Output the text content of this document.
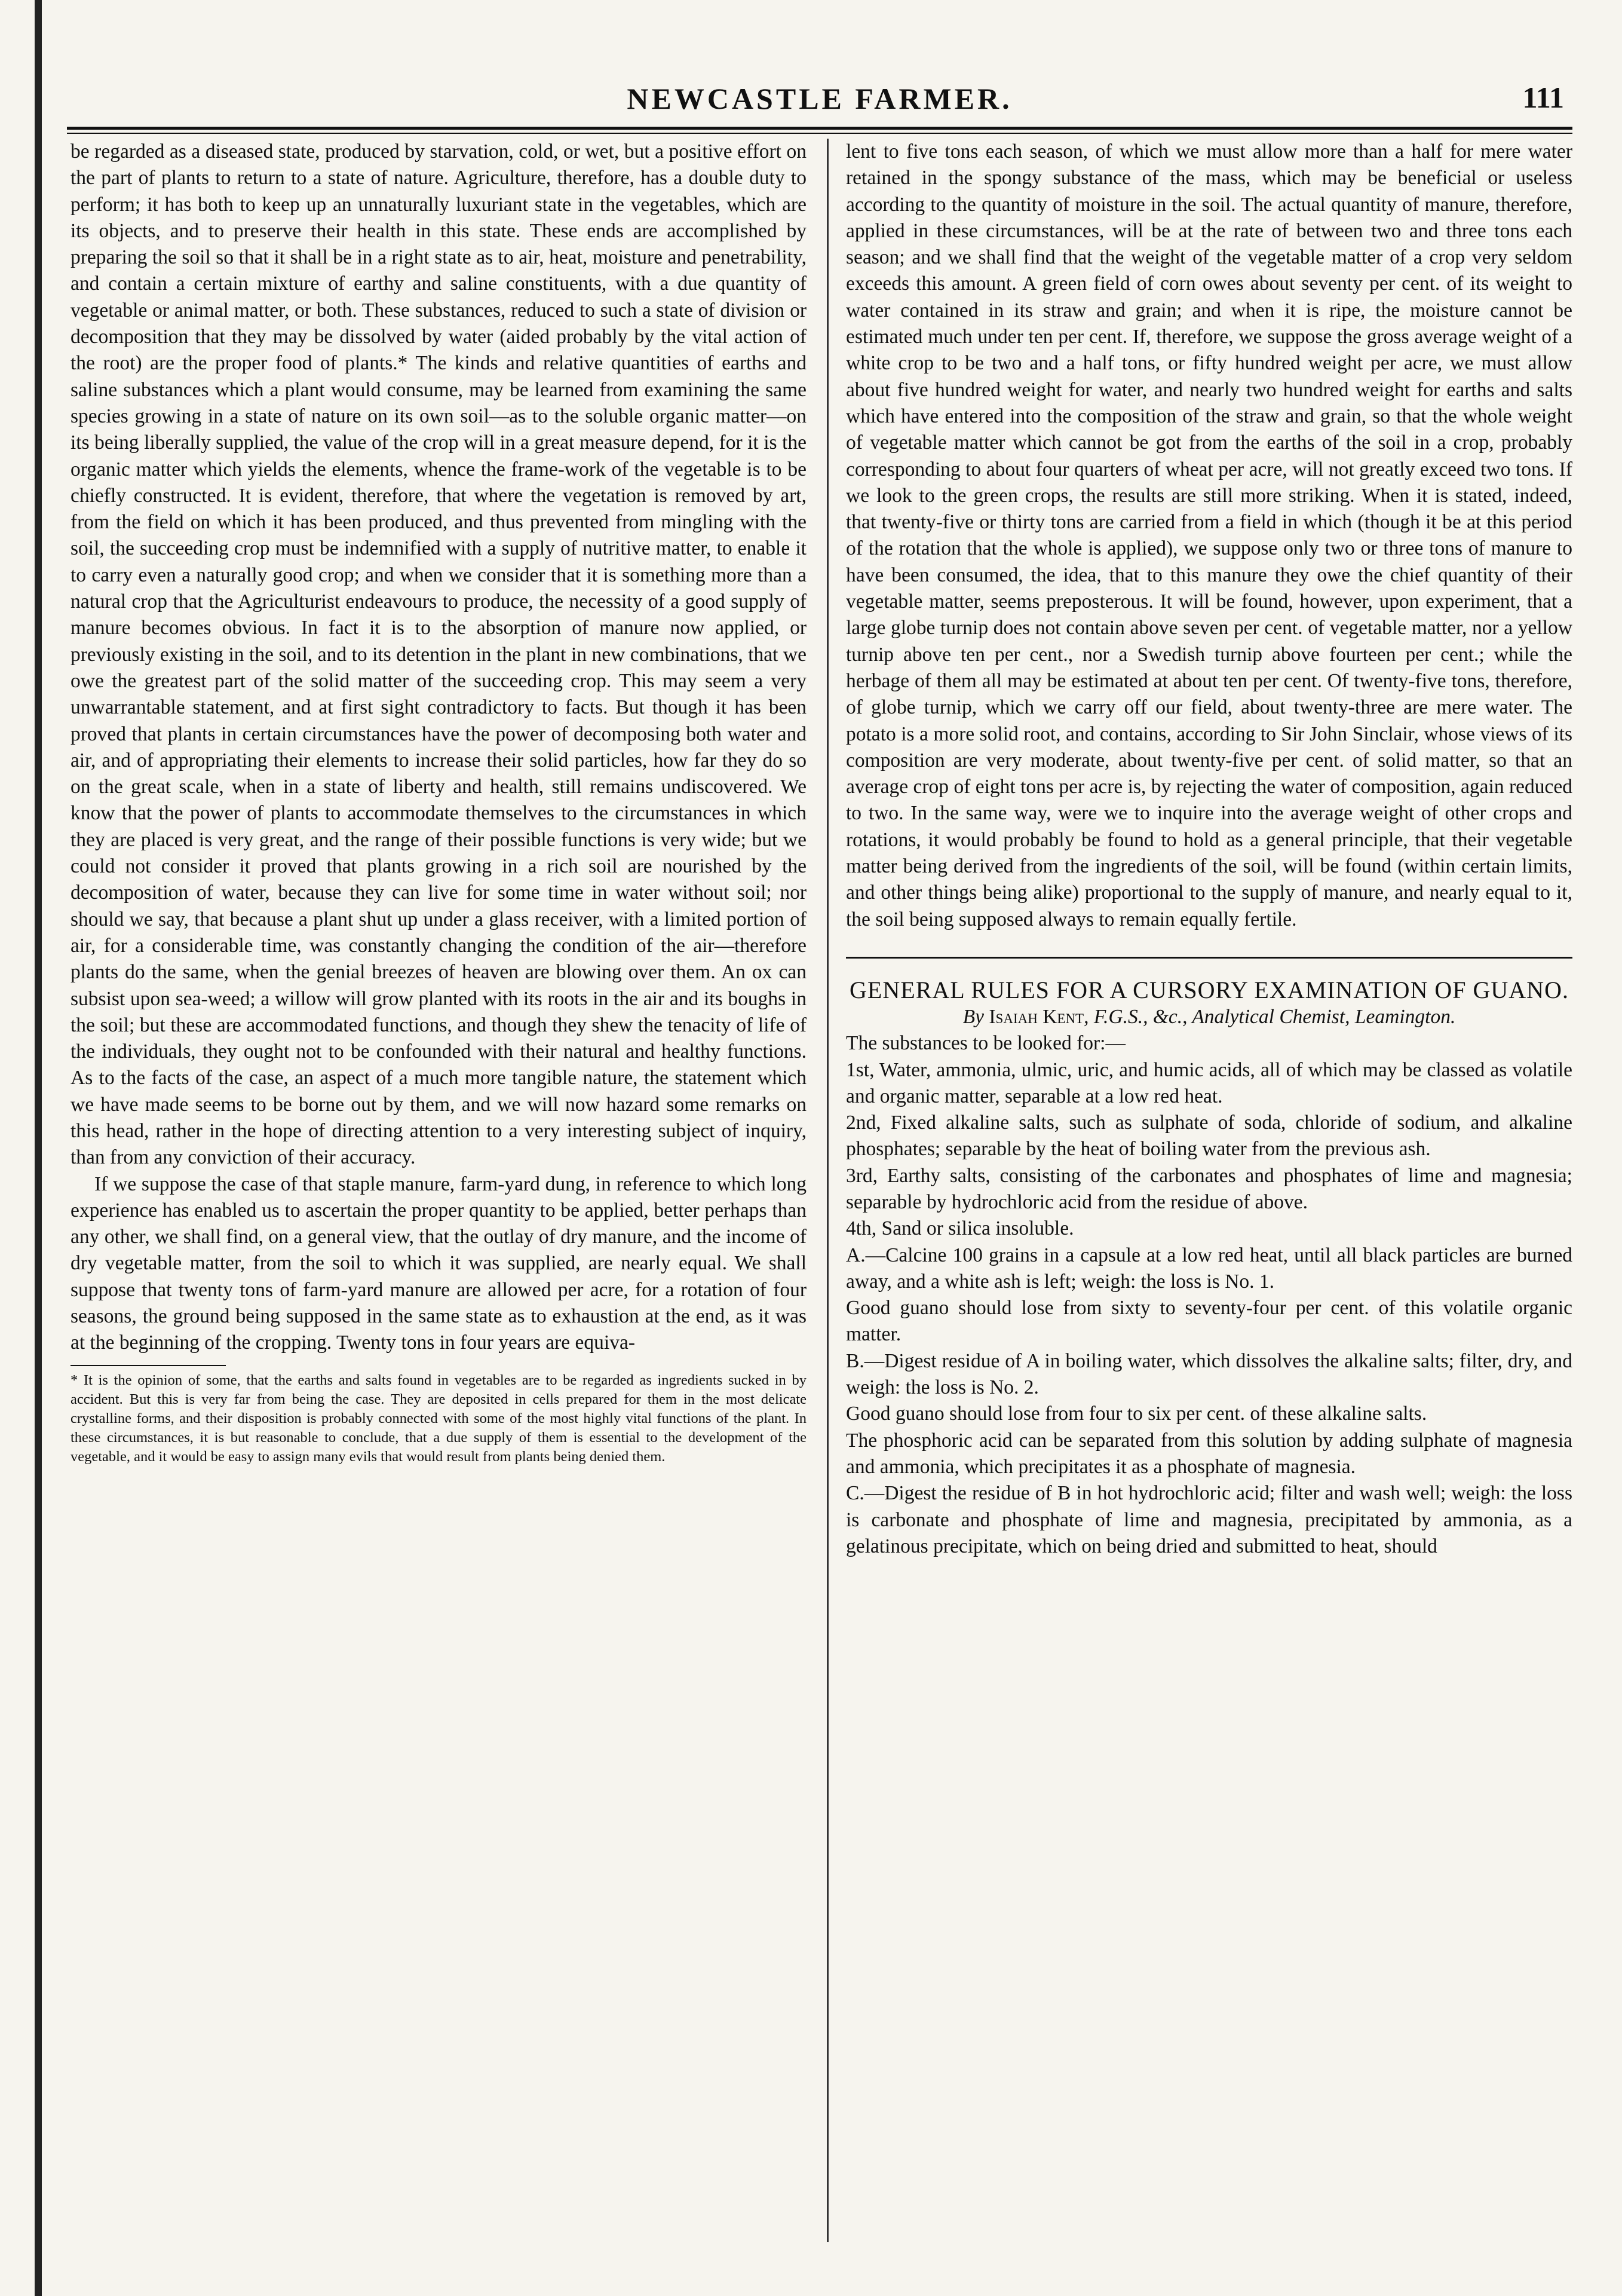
NEWCASTLE FARMER.	111

be regarded as a diseased state, produced by starvation, cold, or wet, but a positive effort on the part of plants to return to a state of nature. Agriculture, therefore, has a double duty to perform; it has both to keep up an unnaturally luxuriant state in the vegetables, which are its objects, and to preserve their health in this state. These ends are accomplished by preparing the soil so that it shall be in a right state as to air, heat, moisture and penetrability, and contain a certain mixture of earthy and saline constituents, with a due quantity of vegetable or animal matter, or both. These substances, reduced to such a state of division or decomposition that they may be dissolved by water (aided probably by the vital action of the root) are the proper food of plants.* The kinds and relative quantities of earths and saline substances which a plant would consume, may be learned from examining the same species growing in a state of nature on its own soil—as to the soluble organic matter—on its being liberally supplied, the value of the crop will in a great measure depend, for it is the organic matter which yields the elements, whence the frame-work of the vegetable is to be chiefly constructed. It is evident, therefore, that where the vegetation is removed by art, from the field on which it has been produced, and thus prevented from mingling with the soil, the succeeding crop must be indemnified with a supply of nutritive matter, to enable it to carry even a naturally good crop; and when we consider that it is something more than a natural crop that the Agriculturist endeavours to produce, the necessity of a good supply of manure becomes obvious. In fact it is to the absorption of manure now applied, or previously existing in the soil, and to its detention in the plant in new combinations, that we owe the greatest part of the solid matter of the succeeding crop. This may seem a very unwarrantable statement, and at first sight contradictory to facts. But though it has been proved that plants in certain circumstances have the power of decomposing both water and air, and of appropriating their elements to increase their solid particles, how far they do so on the great scale, when in a state of liberty and health, still remains undiscovered. We know that the power of plants to accommodate themselves to the circumstances in which they are placed is very great, and the range of their possible functions is very wide; but we could not consider it proved that plants growing in a rich soil are nourished by the decomposition of water, because they can live for some time in water without soil; nor should we say, that because a plant shut up under a glass receiver, with a limited portion of air, for a considerable time, was constantly changing the condition of the air—therefore plants do the same, when the genial breezes of heaven are blowing over them. An ox can subsist upon sea-weed; a willow will grow planted with its roots in the air and its boughs in the soil; but these are accommodated functions, and though they shew the tenacity of life of the individuals, they ought not to be confounded with their natural and healthy functions. As to the facts of the case, an aspect of a much more tangible nature, the statement which we have made seems to be borne out by them, and we will now hazard some remarks on this head, rather in the hope of directing attention to a very interesting subject of inquiry, than from any conviction of their accuracy.

If we suppose the case of that staple manure, farm-yard dung, in reference to which long experience has enabled us to ascertain the proper quantity to be applied, better perhaps than any other, we shall find, on a general view, that the outlay of dry manure, and the income of dry vegetable matter, from the soil to which it was supplied, are nearly equal. We shall suppose that twenty tons of farm-yard manure are allowed per acre, for a rotation of four seasons, the ground being supposed in the same state as to exhaustion at the end, as it was at the beginning of the cropping. Twenty tons in four years are equiva-

* It is the opinion of some, that the earths and salts found in vegetables are to be regarded as ingredients sucked in by accident. But this is very far from being the case. They are deposited in cells prepared for them in the most delicate crystalline forms, and their disposition is probably connected with some of the most highly vital functions of the plant. In these circumstances, it is but reasonable to conclude, that a due supply of them is essential to the development of the vegetable, and it would be easy to assign many evils that would result from plants being denied them.

lent to five tons each season, of which we must allow more than a half for mere water retained in the spongy substance of the mass, which may be beneficial or useless according to the quantity of moisture in the soil. The actual quantity of manure, therefore, applied in these circumstances, will be at the rate of between two and three tons each season; and we shall find that the weight of the vegetable matter of a crop very seldom exceeds this amount. A green field of corn owes about seventy per cent. of its weight to water contained in its straw and grain; and when it is ripe, the moisture cannot be estimated much under ten per cent. If, therefore, we suppose the gross average weight of a white crop to be two and a half tons, or fifty hundred weight per acre, we must allow about five hundred weight for water, and nearly two hundred weight for earths and salts which have entered into the composition of the straw and grain, so that the whole weight of vegetable matter which cannot be got from the earths of the soil in a crop, probably corresponding to about four quarters of wheat per acre, will not greatly exceed two tons. If we look to the green crops, the results are still more striking. When it is stated, indeed, that twenty-five or thirty tons are carried from a field in which (though it be at this period of the rotation that the whole is applied), we suppose only two or three tons of manure to have been consumed, the idea, that to this manure they owe the chief quantity of their vegetable matter, seems preposterous. It will be found, however, upon experiment, that a large globe turnip does not contain above seven per cent. of vegetable matter, nor a yellow turnip above ten per cent., nor a Swedish turnip above fourteen per cent.; while the herbage of them all may be estimated at about ten per cent. Of twenty-five tons, therefore, of globe turnip, which we carry off our field, about twenty-three are mere water. The potato is a more solid root, and contains, according to Sir John Sinclair, whose views of its composition are very moderate, about twenty-five per cent. of solid matter, so that an average crop of eight tons per acre is, by rejecting the water of composition, again reduced to two. In the same way, were we to inquire into the average weight of other crops and rotations, it would probably be found to hold as a general principle, that their vegetable matter being derived from the ingredients of the soil, will be found (within certain limits, and other things being alike) proportional to the supply of manure, and nearly equal to it, the soil being supposed always to remain equally fertile.

GENERAL RULES FOR A CURSORY EXAMINATION OF GUANO.

By Isaiah Kent, F.G.S., &c., Analytical Chemist, Leamington.

The substances to be looked for:—

1st, Water, ammonia, ulmic, uric, and humic acids, all of which may be classed as volatile and organic matter, separable at a low red heat.

2nd, Fixed alkaline salts, such as sulphate of soda, chloride of sodium, and alkaline phosphates; separable by the heat of boiling water from the previous ash.

3rd, Earthy salts, consisting of the carbonates and phosphates of lime and magnesia; separable by hydrochloric acid from the residue of above.

4th, Sand or silica insoluble.

A.—Calcine 100 grains in a capsule at a low red heat, until all black particles are burned away, and a white ash is left; weigh: the loss is No. 1.

Good guano should lose from sixty to seventy-four per cent. of this volatile organic matter.

B.—Digest residue of A in boiling water, which dissolves the alkaline salts; filter, dry, and weigh: the loss is No. 2.

Good guano should lose from four to six per cent. of these alkaline salts.

The phosphoric acid can be separated from this solution by adding sulphate of magnesia and ammonia, which precipitates it as a phosphate of magnesia.

C.—Digest the residue of B in hot hydrochloric acid; filter and wash well; weigh: the loss is carbonate and phosphate of lime and magnesia, precipitated by ammonia, as a gelatinous precipitate, which on being dried and submitted to heat, should
